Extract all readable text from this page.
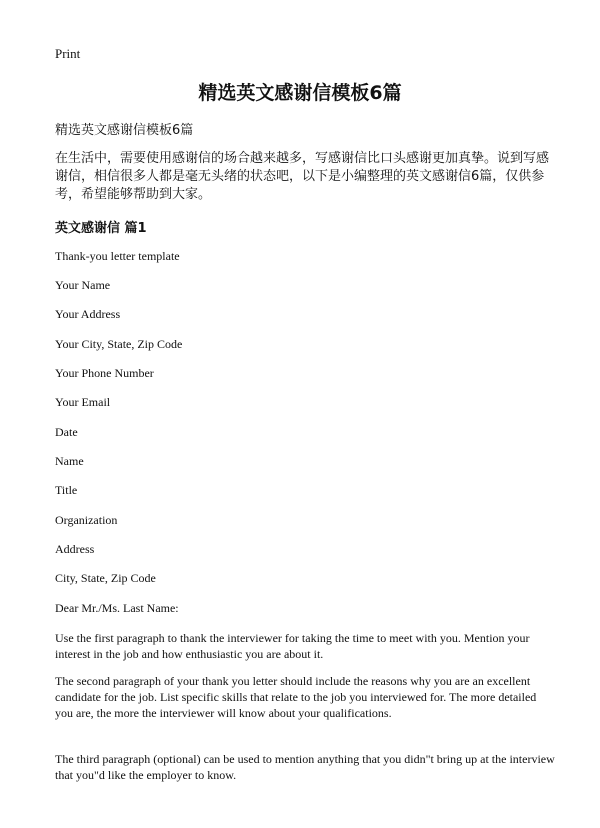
Print
精选英文感谢信模板6篇
精选英文感谢信模板6篇
在生活中，需要使用感谢信的场合越来越多，写感谢信比口头感谢更加真挚。说到写感谢信，相信很多人都是毫无头绪的状态吧，以下是小编整理的英文感谢信6篇，仅供参考，希望能够帮助到大家。
英文感谢信 篇1
Thank-you letter template
Your Name
Your Address
Your City, State, Zip Code
Your Phone Number
Your Email
Date
Name
Title
Organization
Address
City, State, Zip Code
Dear Mr./Ms. Last Name:
Use the first paragraph to thank the interviewer for taking the time to meet with you. Mention your interest in the job and how enthusiastic you are about it.
The second paragraph of your thank you letter should include the reasons why you are an excellent candidate for the job. List specific skills that relate to the job you interviewed for. The more detailed you are, the more the interviewer will know about your qualifications.
The third paragraph (optional) can be used to mention anything that you didn"t bring up at the interview that you"d like the employer to know.
